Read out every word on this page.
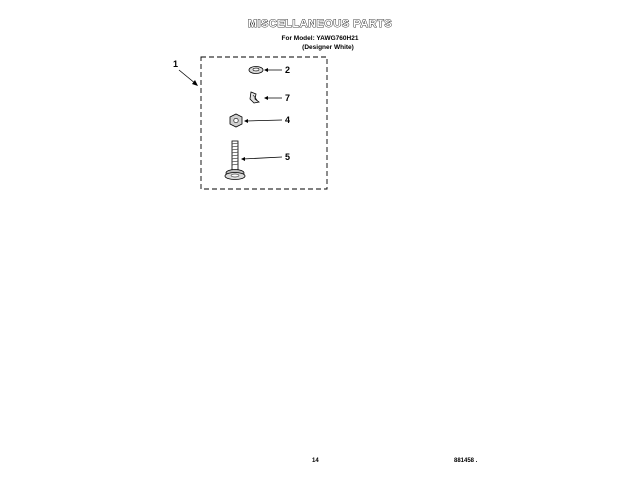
MISCELLANEOUS PARTS
For Model: YAWG760H21
(Designer White)
1
2
7
4
5
14	881458 .
